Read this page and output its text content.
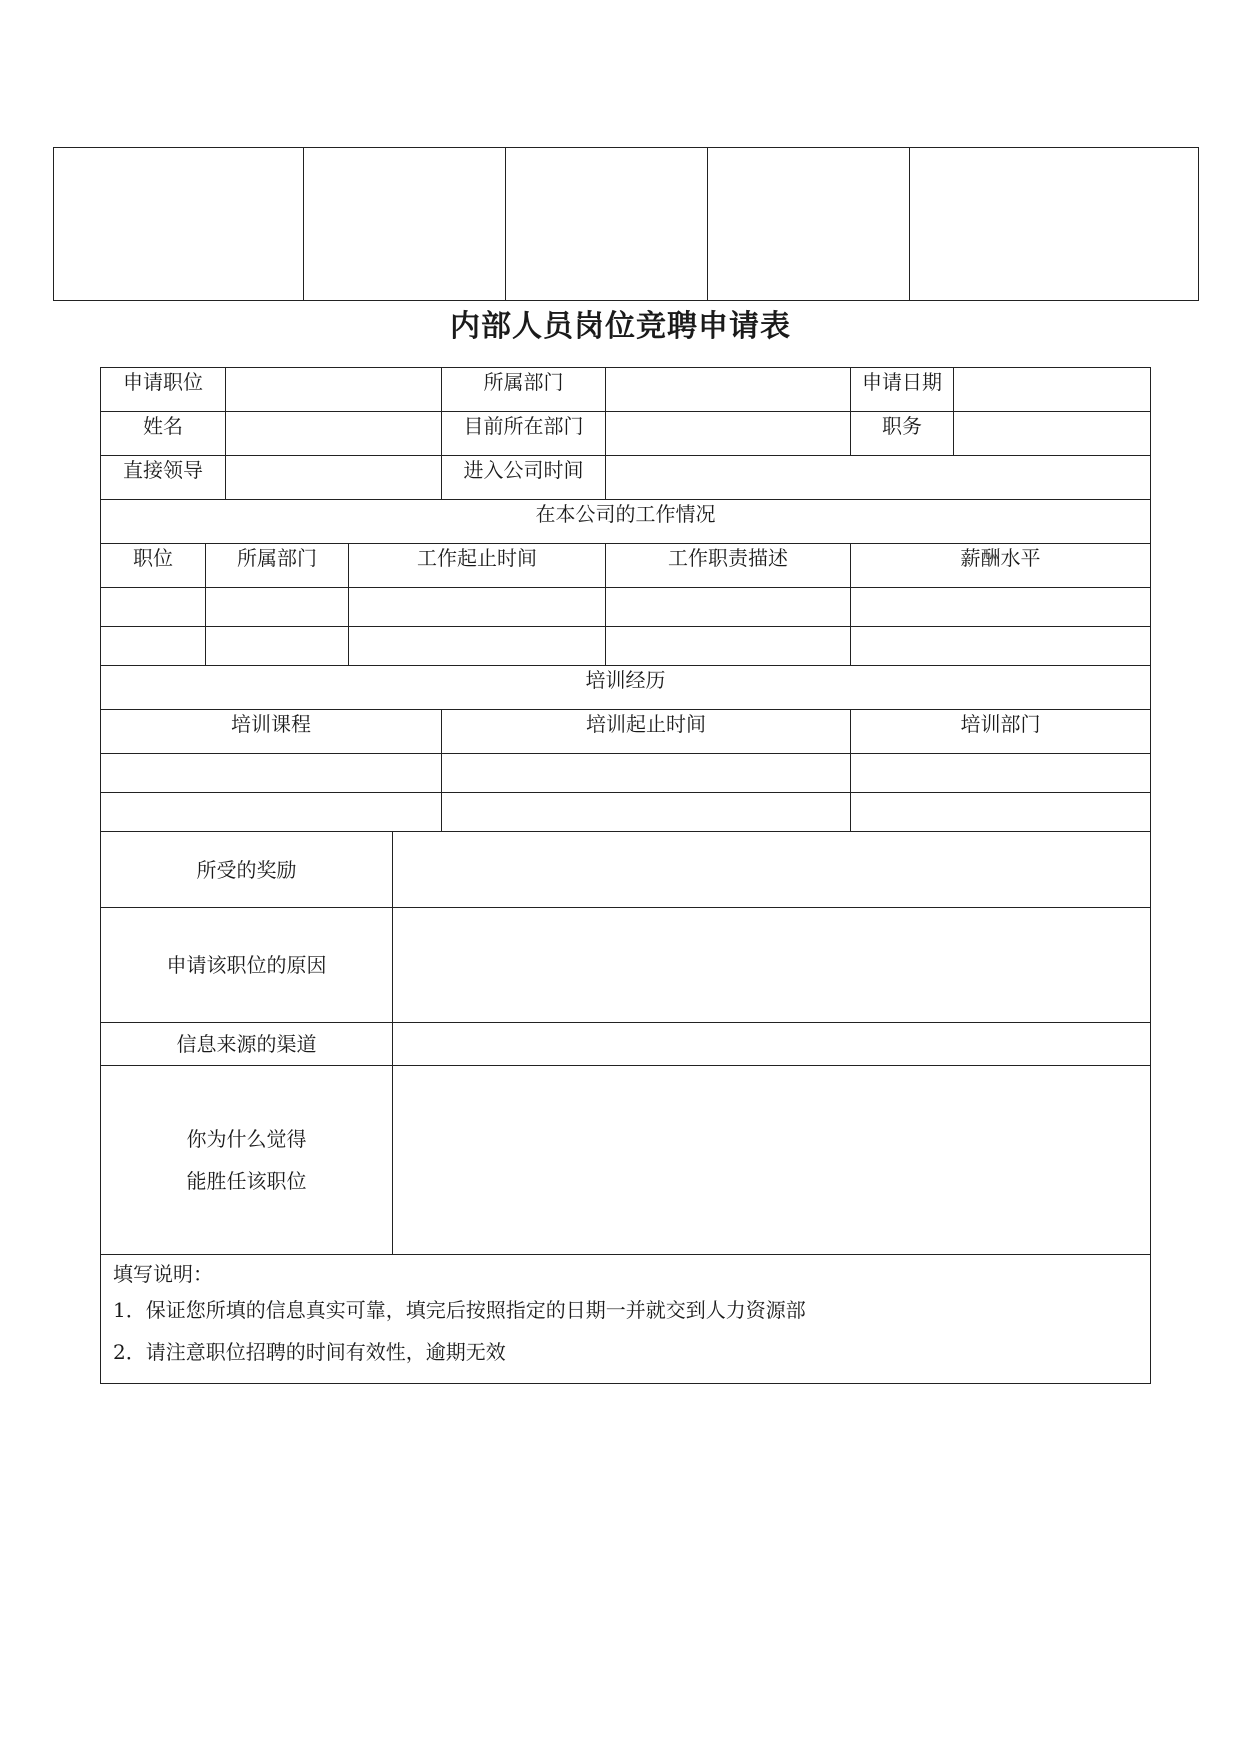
内部人员岗位竞聘申请表
申请职位					所属部门		申请日期	
姓名					目前所在部门		职务	
直接领导					进入公司时间			
在本公司的工作情况								
职位	所属部门		工作起止时间			工作职责描述	薪酬水平	

培训经历								
培训课程					培训起止时间		培训部门	

所受的奖励								
申请该职位的原因								
信息来源的渠道								

你为什么觉得
能胜任该职位								

填写说明：
1．保证您所填的信息真实可靠，填完后按照指定的日期一并就交到人力资源部
2．请注意职位招聘的时间有效性，逾期无效								
